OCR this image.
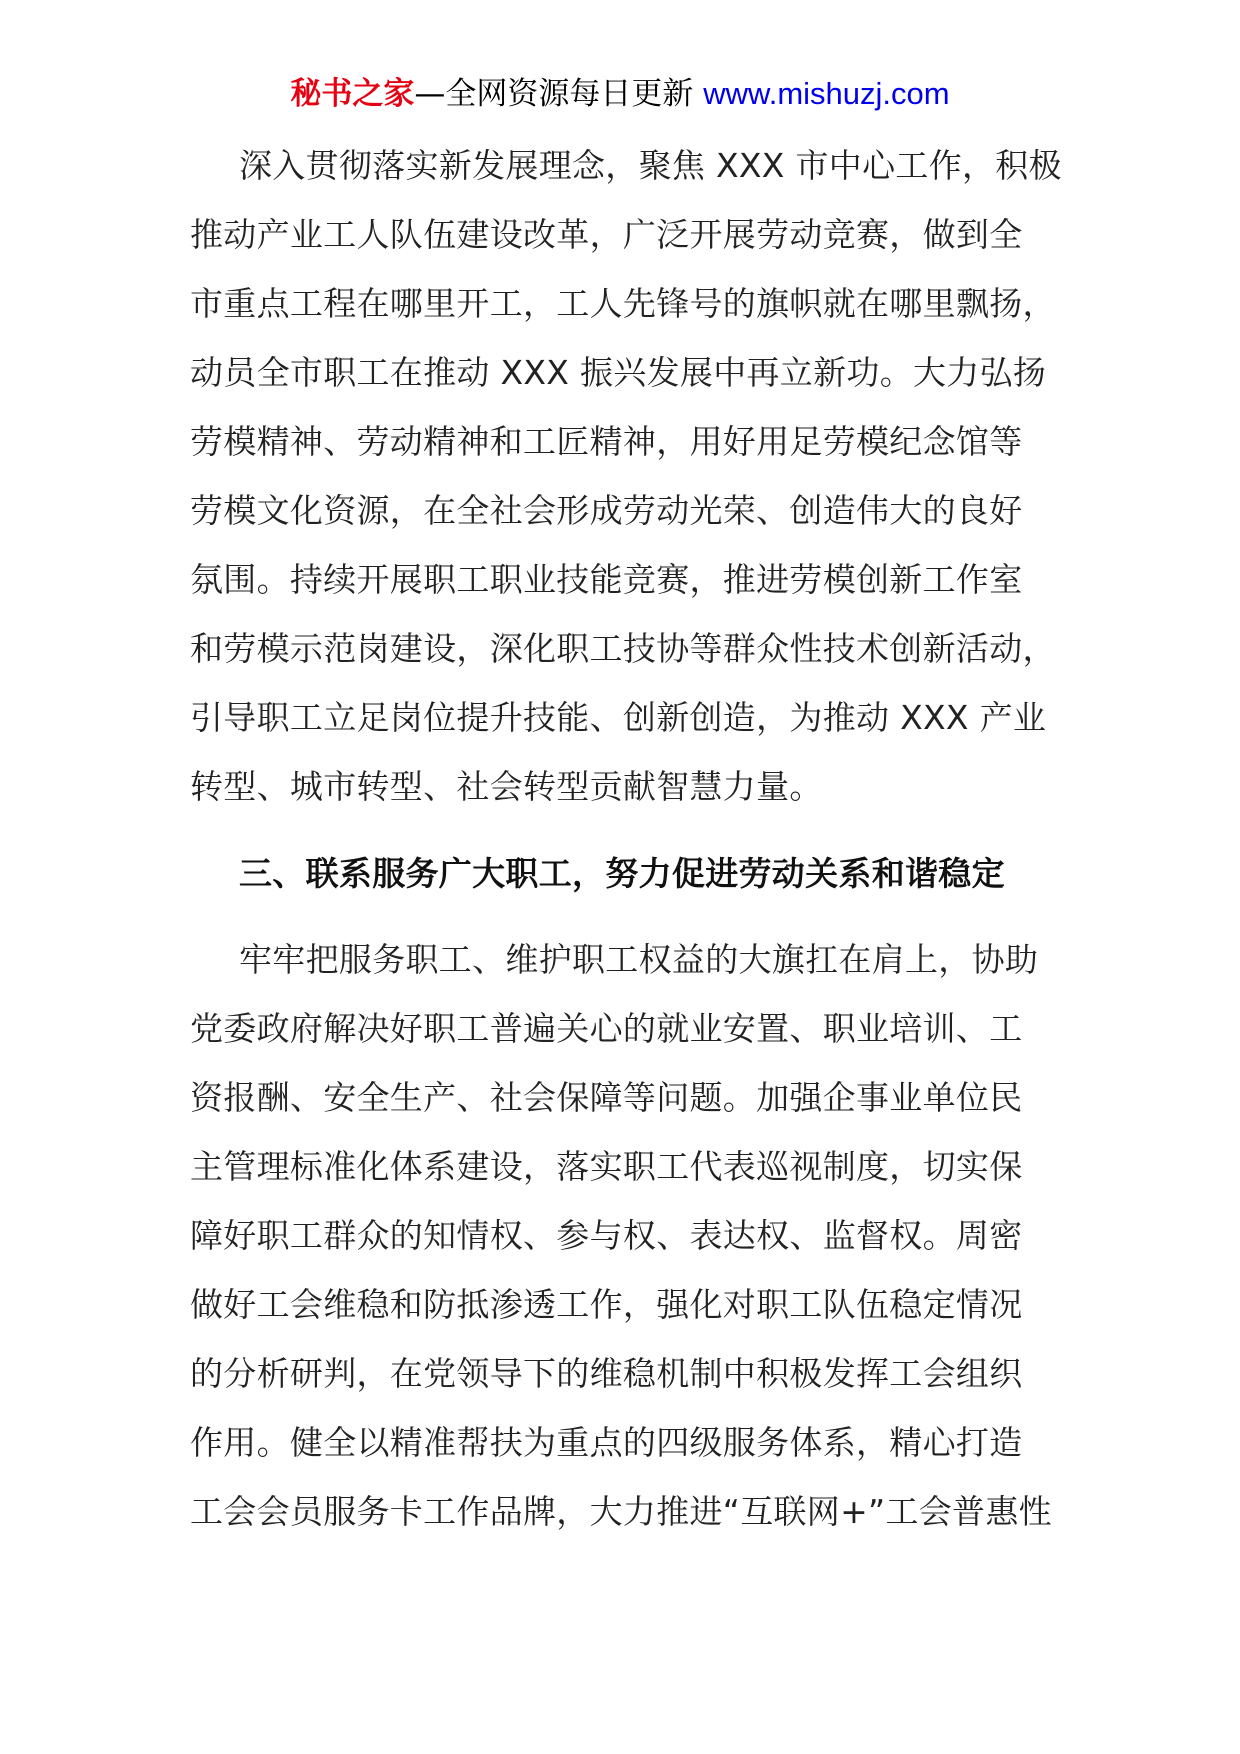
秘书之家—全网资源每日更新 www.mishuzj.com
深入贯彻落实新发展理念，聚焦 XXX 市中心工作，积极
推动产业工人队伍建设改革，广泛开展劳动竞赛，做到全
市重点工程在哪里开工，工人先锋号的旗帜就在哪里飘扬，
动员全市职工在推动 XXX 振兴发展中再立新功。大力弘扬
劳模精神、劳动精神和工匠精神，用好用足劳模纪念馆等
劳模文化资源，在全社会形成劳动光荣、创造伟大的良好
氛围。持续开展职工职业技能竞赛，推进劳模创新工作室
和劳模示范岗建设，深化职工技协等群众性技术创新活动，
引导职工立足岗位提升技能、创新创造，为推动 XXX 产业
转型、城市转型、社会转型贡献智慧力量。
三、联系服务广大职工，努力促进劳动关系和谐稳定
牢牢把服务职工、维护职工权益的大旗扛在肩上，协助
党委政府解决好职工普遍关心的就业安置、职业培训、工
资报酬、安全生产、社会保障等问题。加强企事业单位民
主管理标准化体系建设，落实职工代表巡视制度，切实保
障好职工群众的知情权、参与权、表达权、监督权。周密
做好工会维稳和防抵渗透工作，强化对职工队伍稳定情况
的分析研判，在党领导下的维稳机制中积极发挥工会组织
作用。健全以精准帮扶为重点的四级服务体系，精心打造
工会会员服务卡工作品牌，大力推进“互联网+”工会普惠性
